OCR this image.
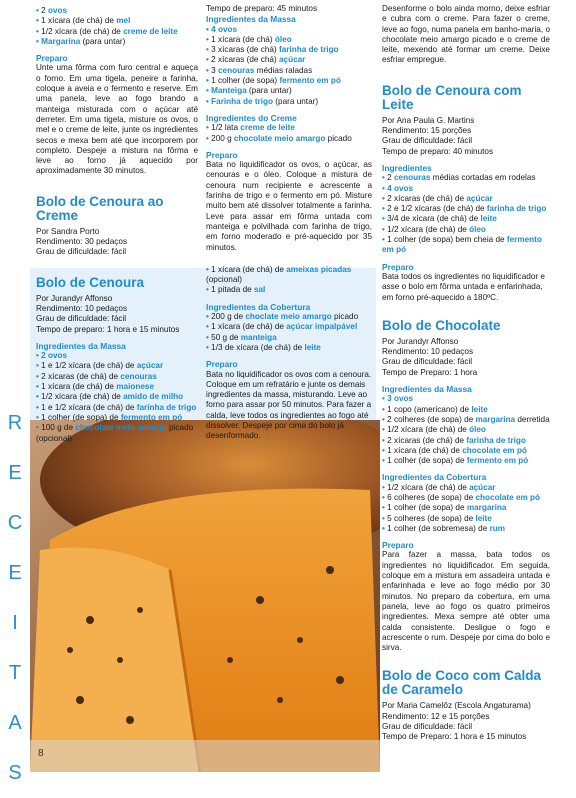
R
E
C
E
I
T
A
S
8
• 2 ovos
• 1 xícara (de chá) de mel
• 1/2 xícara (de chá) de creme de leite
• Margarina (para untar)
Preparo

Unte uma fôrma com furo central e aqueça o forno. Em uma tigela, peneire a farinha, coloque a aveia e o fermento e reserve. Em uma panela, leve ao fogo brando a manteiga misturada com o açúcar até derreter. Em uma tigela, misture os ovos, o mel e o creme de leite, junte os ingredientes secos e mexa bem até que incorporem por completo. Despeje a mistura na fôrma e leve ao forno já aquecido por aproximadamente 30 minutos.

Bolo de Cenoura ao Creme
Por Sandra Porto
Rendimento: 30 pedaços
Grau de dificuldade: fácil
Bolo de Cenoura
Por Jurandyr Affonso
Rendimento: 10 pedaços
Grau de dificuldade: fácil
Tempo de preparo: 1 hora e 15 minutos
Ingredientes da Massa
• 2 ovos
• 1 e 1/2 xícara (de chá) de açúcar
• 2 xícaras (de chá) de cenouras
• 1 xícara (de chá) de maionese
• 1/2 xícara (de chá) de amido de milho
• 1 e 1/2 xícara (de chá) de farinha de trigo
• 1 colher (de sopa) de fermento em pó
• 100 g de chocolate meio amargo picado (opcional)
Tempo de preparo: 45 minutos
Ingredientes da Massa
• 4 ovos
• 1 xícara (de chá) óleo
• 3 xícaras (de chá) farinha de trigo
• 2 xícaras (de chá) açúcar
• 3 cenouras médias raladas
• 1 colher (de sopa) fermento em pó
• Manteiga (para untar)
• Farinha de trigo (para untar)
Ingredientes do Creme
• 1/2 lata creme de leite
• 200 g chocolate meio amargo picado
Preparo

Bata no liquidificador os ovos, o açúcar, as cenouras e o óleo. Coloque a mistura de cenoura num recipiente e acrescente a farinha de trigo e o fermento em pó. Misture muito bem até dissolver totalmente a farinha. Leve para assar em fôrma untada com manteiga e polvilhada com farinha de trigo, em forno moderado e pré-aquecido por 35 minutos.

• 1 xícara (de chá) de ameixas picadas (opcional)
• 1 pitada de sal
Ingredientes da Cobertura
• 200 g de choclate meio amargo picado
• 1 xícara (de chá) de açúcar impalpável
• 50 g de manteiga
• 1/3 de xícara (de chá) de leite
Preparo

Bata no liquidificador os ovos com a cenoura. Coloque em um refratário e junte os demais ingredientes da massa, misturando. Leve ao forno para assar por 50 minutos. Para fazer a calda, leve todos os ingredientes ao fogo até dissolver. Despeje por cima do bolo já desenformado.

Desenforme o bolo ainda morno, deixe esfriar e cubra com o creme. Para fazer o creme, leve ao fogo, numa panela em banho-maria, o chocolate meio amargo picado e o creme de leite, mexendo até formar um creme. Deixe esfriar empregue.

Bolo de Cenoura com Leite
Por Ana Paula G. Martins
Rendimento: 15 porções
Grau de dificuldade: fácil
Tempo de preparo: 40 minutos
Ingredientes
• 2 cenouras médias cortadas em rodelas
• 4 ovos
• 2 xícaras (de chá) de açúcar
• 2 e 1/2 xícaras (de chá) de farinha de trigo
• 3/4 de xícara (de chá) de leite
• 1/2 xícara (de chá) de óleo
• 1 colher (de sopa) bem cheia de fermento em pó
Preparo

Bata todos os ingredientes no liquidificador e asse o bolo em fôrma untada e enfarinhada, em forno pré-aquecido a 180ºC.

Bolo de Chocolate
Por Jurandyr Affonso
Rendimento: 10 pedaços
Grau de dificuldade: fácil
Tempo de Preparo: 1 hora
Ingredientes da Massa
• 3 ovos
• 1 copo (americano) de leite
• 2 colheres (de sopa) de margarina derretida
• 1/2 xícara (de chá) de óleo
• 2 xícaras (de chá) de farinha de trigo
• 1 xícara (de chá) de chocolate em pó
• 1 colher (de sopa) de fermento em pó
Ingredientes da Cobertura
• 1/2 xícara (de chá) de açúcar
• 6 colheres (de sopa) de chocolate em pó
• 1 colher (de sopa) de margarina
• 5 colheres (de sopa) de leite
• 1 colher (de sobremesa) de rum
Preparo

Para fazer a massa, bata todos os ingredientes no liquidificador. Em seguida, coloque em a mistura em assadeira untada e enfarinhada e leve ao fogo médio por 30 minutos. No preparo da cobertura, em uma panela, leve ao fogo os quatro primeiros ingredientes. Mexa sempre até obter uma calda consistente. Desligue o fogo e acrescente o rum. Despeje por cima do bolo e sirva.

Bolo de Coco com Calda de Caramelo
Por Maria Camelôz (Escola Angaturama)
Rendimento: 12 e 15 porções
Grau de dificuldade: fácil
Tempo de Preparo: 1 hora e 15 minutos
